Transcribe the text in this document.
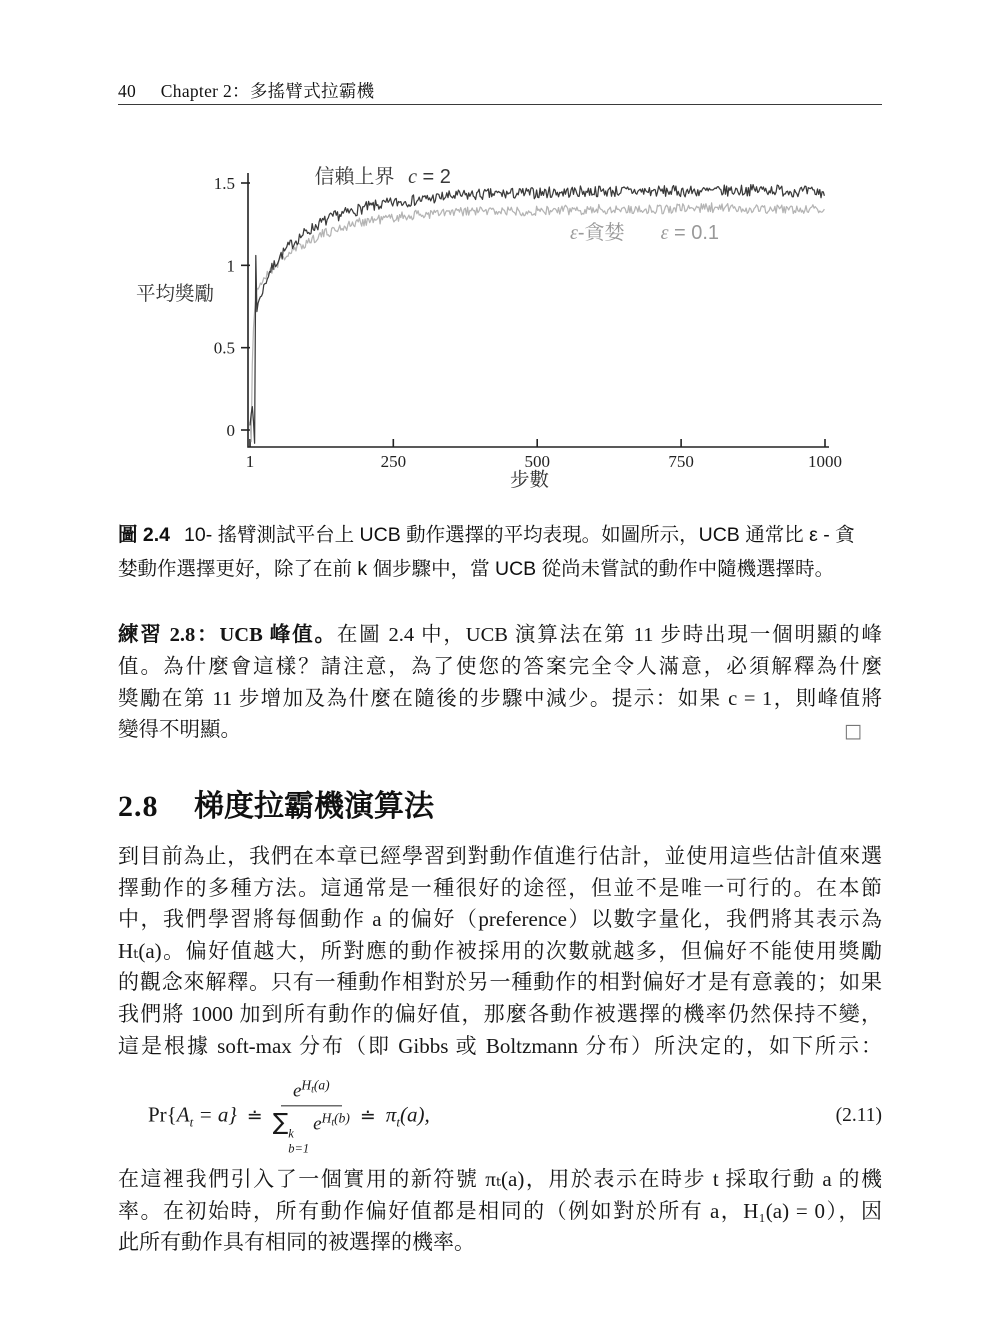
40 Chapter 2：多搖臂式拉霸機
1.5
1
0.5
0
1	250	500	750	1000
平均獎勵
步數
信賴上界 c = 2
ε-貪婪 ε = 0.1
圖 2.4 10- 搖臂測試平台上 UCB 動作選擇的平均表現。如圖所示，UCB 通常比 ε - 貪
婪動作選擇更好，除了在前 k 個步驟中，當 UCB 從尚未嘗試的動作中隨機選擇時。
練習 2.8：UCB 峰值。在圖 2.4 中，UCB 演算法在第 11 步時出現一個明顯的峰
值。為什麼會這樣？請注意，為了使您的答案完全令人滿意，必須解釋為什麼
獎勵在第 11 步增加及為什麼在隨後的步驟中減少。提示：如果 c = 1，則峰值將
變得不明顯。	□
2.8 梯度拉霸機演算法
到目前為止，我們在本章已經學習到對動作值進行估計，並使用這些估計值來選
擇動作的多種方法。這通常是一種很好的途徑，但並不是唯一可行的。在本節
中，我們學習將每個動作 a 的偏好（preference）以數字量化，我們將其表示為
Hₜ(a)。偏好值越大，所對應的動作被採用的次數就越多，但偏好不能使用獎勵
的觀念來解釋。只有一種動作相對於另一種動作的相對偏好才是有意義的；如果
我們將 1000 加到所有動作的偏好值，那麼各動作被選擇的機率仍然保持不變，
這是根據 soft-max 分布（即 Gibbs 或 Boltzmann 分布）所決定的，如下所示：
$Pr\{A_t = a\}$ ≐ $e^{H_t(a)}$
∑ k
b=1
$e^{H_t(b)}$ ≐ $\pi_t(a)$,	(2.11)
在這裡我們引入了一個實用的新符號 πₜ(a)，用於表示在時步 t 採取行動 a 的機
率。在初始時，所有動作偏好值都是相同的（例如對於所有 a，H₁(a) = 0），因
此所有動作具有相同的被選擇的機率。
